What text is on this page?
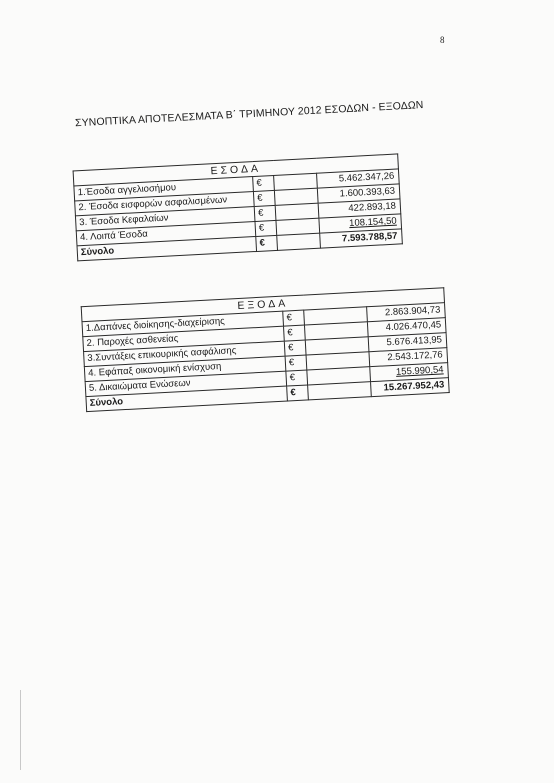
8
ΣΥΝΟΠΤΙΚΑ ΑΠΟΤΕΛΕΣΜΑΤΑ Β΄ ΤΡΙΜΗΝΟΥ 2012 ΕΣΟΔΩΝ - ΕΞΟΔΩΝ
ΕΣΟΔΑ			
1.Έσοδα αγγελιοσήμου	€		5.462.347,26
2. Έσοδα εισφορών ασφαλισμένων	€		1.600.393,63
3. Έσοδα Κεφαλαίων	€		422.893,18
4. Λοιπά Έσοδα	€		108.154,50
Σύνολο	€		7.593.788,57
ΕΞΟΔΑ			
1.Δαπάνες διοίκησης-διαχείρισης	€		2.863.904,73
2. Παροχές ασθενείας	€		4.026.470,45
3.Συντάξεις επικουρικής ασφάλισης	€		5.676.413,95
4. Εφάπαξ οικονομική ενίσχυση	€		2.543.172,76
5. Δικαιώματα Ενώσεων	€		155.990,54
Σύνολο	€		15.267.952,43
